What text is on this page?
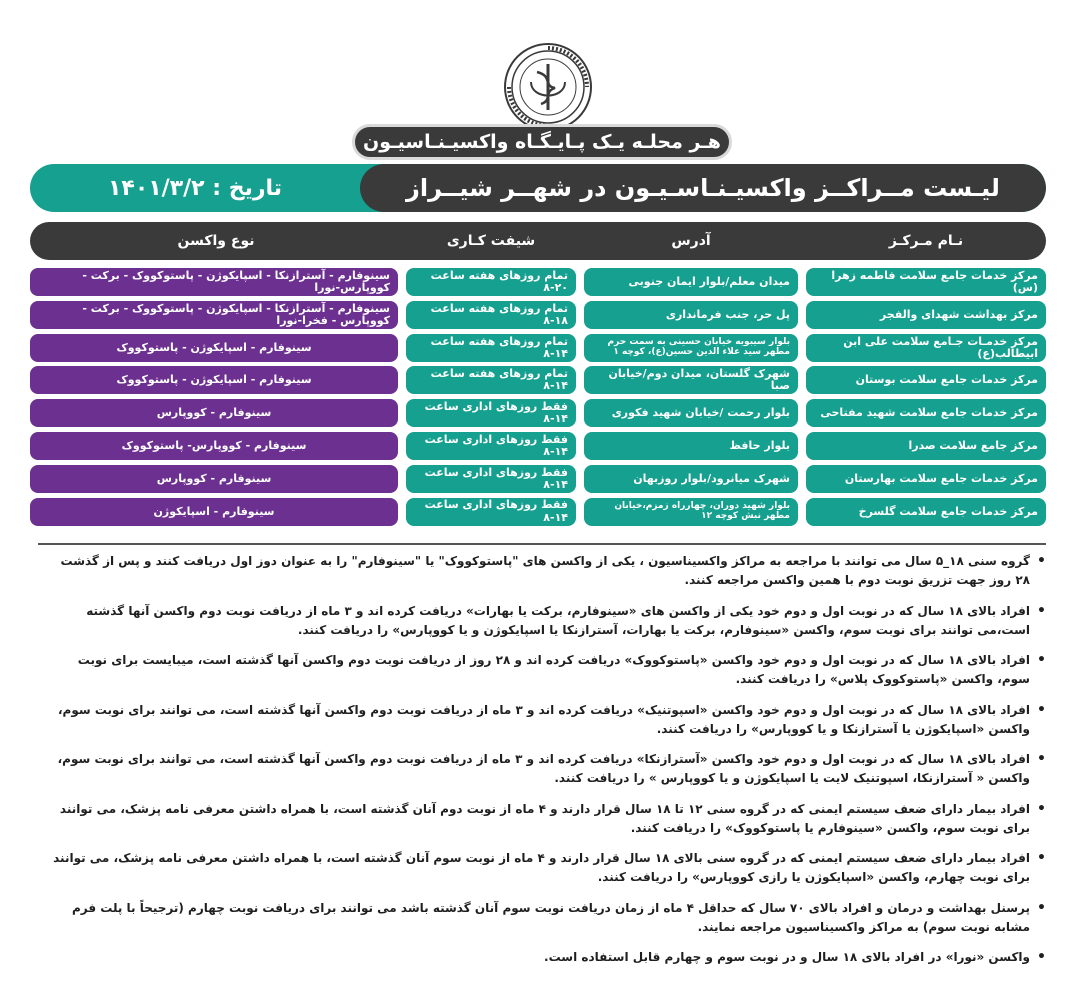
هـر محلـه یـک پـایـگـاه واکسیـنـاسیـون
تاریخ : ۱۴۰۱/۳/۲	لیـست مــراکــز واکسیـنـاسـیـون در شهــر شیــراز
نـام مـرکـز
آدرس
شیفت کـاری
نوع واکسن
مرکز خدمات جامع سلامت فاطمه زهرا (س)
میدان معلم/بلوار ایمان جنوبی
تمام روزهای هفته ساعت ۲۰-۸
سینوفارم - آسترازنکا - اسپایکوژن - پاستوکووک - برکت - کووپارس-نورا
مرکز بهداشت شهدای والفجر
پل حر، جنب فرمانداری
تمام روزهای هفته ساعت ۱۸-۸
سینوفارم - آسترازنکا - اسپایکوژن - پاستوکووک - برکت - کووپارس - فخرا-نورا
مرکز خدمـات جـامع سلامت علی ابن ابیطالب(ع)
بلوار سیبویه خیابان حسینی به سمت حرم مطهر سید علاء الدین حسین(ع)، کوچه ۱
تمام روزهای هفته ساعت ۱۴-۸
سینوفارم - اسپایکوژن - پاستوکووک
مرکز خدمات جامع سلامت بوستان
شهرک گلستان، میدان دوم/خیابان صبا
تمام روزهای هفته ساعت ۱۴-۸
سینوفارم - اسپایکوژن - پاستوکووک
مرکز خدمات جامع سلامت شهید مفتاحی
بلوار رحمت /خیابان شهید فکوری
فقط روزهای اداری ساعت ۱۴-۸
سینوفارم - کووپارس
مرکز جامع سلامت صدرا
بلوار حافظ
فقط روزهای اداری ساعت ۱۴-۸
سینوفارم - کووپارس- پاستوکووک
مرکز خدمات جامع سلامت بهارستان
شهرک میانرود/بلوار روزبهان
فقط روزهای اداری ساعت ۱۴-۸
سینوفارم - کووپارس
مرکز خدمات جامع سلامت گلسرخ
بلوار شهید دوران، چهارراه زمزم،خیابان مطهر نبش کوچه ۱۲
فقط روزهای اداری ساعت ۱۴-۸
سینوفارم - اسپایکوژن
• گروه سنی ۱۸_۵ سال می توانند با مراجعه به مراکز واکسیناسیون ، یکی از واکسن های "پاستوکووک" یا "سینوفارم" را به عنوان دوز اول دریافت کنند و پس از گذشت ۲۸ روز جهت تزریق نوبت دوم با همین واکسن مراجعه کنند.
• افراد بالای ۱۸ سال که در نوبت اول و دوم خود یکی از واکسن های «سینوفارم، برکت یا بهارات» دریافت کرده اند و ۳ ماه از دریافت نوبت دوم واکسن آنها گذشته است،می توانند برای نوبت سوم، واکسن «سینوفارم، برکت یا بهارات، آسترازنکا یا اسپایکوژن و یا کووپارس» را دریافت کنند.
• افراد بالای ۱۸ سال که در نوبت اول و دوم خود واکسن «پاستوکووک» دریافت کرده اند و ۲۸ روز از دریافت نوبت دوم واکسن آنها گذشته است، میبایست برای نوبت سوم، واکسن «پاستوکووک پلاس» را دریافت کنند.
• افراد بالای ۱۸ سال که در نوبت اول و دوم خود واکسن «اسپوتنیک» دریافت کرده اند و ۳ ماه از دریافت نوبت دوم واکسن آنها گذشته است، می توانند برای نوبت سوم، واکسن «اسپایکوژن یا آسترازنکا و یا کووپارس» را دریافت کنند.
• افراد بالای ۱۸ سال که در نوبت اول و دوم خود واکسن «آسترازنکا» دریافت کرده اند و ۳ ماه از دریافت نوبت دوم واکسن آنها گذشته است، می توانند برای نوبت سوم، واکسن « آسترازنکا، اسپوتنیک لایت یا اسپایکوژن و یا کووپارس » را دریافت کنند.
• افراد بیمار دارای ضعف سیستم ایمنی که در گروه سنی ۱۲ تا ۱۸ سال قرار دارند و ۴ ماه از نوبت دوم آنان گذشته است، با همراه داشتن معرفی نامه پزشک، می توانند برای نوبت سوم، واکسن «سینوفارم یا پاستوکووک» را دریافت کنند.
• افراد بیمار دارای ضعف سیستم ایمنی که در گروه سنی بالای ۱۸ سال قرار دارند و ۴ ماه از نوبت سوم آنان گذشته است، با همراه داشتن معرفی نامه پزشک، می توانند برای نوبت چهارم، واکسن «اسپایکوژن یا رازی کووپارس» را دریافت کنند.
• پرسنل بهداشت و درمان و افراد بالای ۷۰ سال که حداقل ۴ ماه از زمان دریافت نوبت سوم آنان گذشته باشد می توانند برای دریافت نوبت چهارم (ترجیحاً با پلت فرم مشابه نوبت سوم) به مراکز واکسیناسیون مراجعه نمایند.
• واکسن «نورا» در افراد بالای ۱۸ سال و در نوبت سوم و چهارم قابل استفاده است.
